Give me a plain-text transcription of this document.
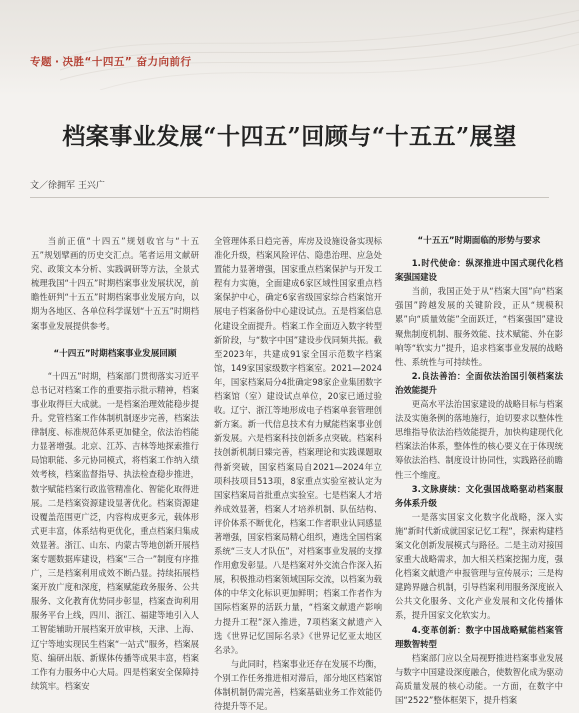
专题 · 决胜“十四五” 奋力向前行
档案事业发展“十四五”回顾与“十五五”展望
文／徐拥军 王兴广

当前正值“十四五”规划收官与“十五五”规划擘画的历史交汇点。笔者运用文献研究、政策文本分析、实践调研等方法，全景式梳理我国“十四五”时期档案事业发展状况，前瞻性研判“十五五”时期档案事业发展方向，以期为各地区、各单位科学谋划“十五五”时期档案事业发展提供参考。

“十四五”时期档案事业发展回顾

“十四五”时期，档案部门贯彻落实习近平总书记对档案工作的重要指示批示精神，档案事业取得巨大成就。一是档案治理效能稳步提升。党管档案工作体制机制逐步完善，档案法律制度、标准规范体系更加健全，依法治档能力显著增强。北京、江苏、吉林等地探索推行局馆职能、多元协同模式，将档案工作纳入绩效考核，档案监督指导、执法检查稳步推进，数字赋能档案行政监管精准化、智能化取得进展。二是档案资源建设显著优化。档案资源建设覆盖范围更广泛，内容构成更多元，载体形式更丰富，体系结构更优化，重点档案归集成效显著。浙江、山东、内蒙古等地创新开展档案专题数据库建设，档案“三合一”制度有序推广，三是档案利用成效不断凸显。持续拓展档案开放广度和深度，档案赋能政务服务、公共服务、文化教育优势同步彰显，档案查询利用服务平台上线，四川、浙江、福建等地引入人工智能辅助开展档案开放审核，天津、上海、辽宁等地实现民生档案“一站式”服务，档案展览、编研出版、新媒体传播等成果丰富，档案工作有力服务中心大局。四是档案安全保障持续筑牢。档案安

全管理体系日趋完善，库房及设施设备实现标准化升级，档案风险评估、隐患治理、应急处置能力显著增强，国家重点档案保护与开发工程有力实施，全面建成6家区域性国家重点档案保护中心，确定6家省级国家综合档案馆开展电子档案备份中心建设试点。五是档案信息化建设全面提升。档案工作全面迈入数字转型新阶段，与“数字中国”建设步伐同频共振。截至2023年，共建成91家全国示范数字档案馆，149家国家级数字档案室。2021—2024年，国家档案局分4批确定98家企业集团数字档案馆（室）建设试点单位，20家已通过验收。辽宁、浙江等地形成电子档案单套管理创新方案。新一代信息技术有力赋能档案事业创新发展。六是档案科技创新多点突破。档案科技创新机制日臻完善，档案理论和实践课题取得新突破，国家档案局自2021—2024年立项科技项目513项，8家重点实验室被认定为国家档案局首批重点实验室。七是档案人才培养成效显著，档案人才培养机制、队伍结构、评价体系不断优化，档案工作者职业认同感显著增强，国家档案局精心组织，遴选全国档案系统“三支人才队伍”，对档案事业发展的支撑作用愈发彰显。八是档案对外交流合作深入拓展，积极推动档案领域国际交流，以档案为载体的中华文化标识更加鲜明；档案工作者作为国际档案界的活跃力量，“档案文献遗产影响力提升工程”深入推进，7项档案文献遗产入选《世界记忆国际名录》《世界记忆亚太地区名录》。

与此同时，档案事业还存在发展不均衡，个别工作任务推进相对滞后，部分地区档案馆体制机制仍需完善，档案基础业务工作效能仍待提升等不足。

“十五五”时期面临的形势与要求

1.时代使命：纵深推进中国式现代化档案强国建设

当前，我国正处于从“档案大国”向“档案强国”跨越发展的关键阶段，正从“规模积累”向“质量效能”全面跃迁，“档案强国”建设聚焦制度机制、服务效能、技术赋能、外在影响等“软实力”提升，追求档案事业发展的战略性、系统性与可持续性。

2.良法善治：全面依法治国引领档案法治效能提升

更高水平法治国家建设的战略目标与档案法及实施条例的落地施行，迫切要求以整体性思维指导依法治档效能提升，加快构建现代化档案法治体系，整体性的核心要义在于体现统筹依法治档、制度设计协同性，实践路径前瞻性三个维度。

3.文脉赓续：文化强国战略驱动档案服务体系升级

一是落实国家文化数字化战略，深入实施“新时代新成就国家记忆工程”，探索构建档案文化创新发展模式与路径。二是主动对接国家重大战略需求，加大相关档案挖掘力度，强化档案文献遗产申报管理与宣传展示；三是构建跨界融合机制，引导档案利用服务深度嵌入公共文化服务、文化产业发展和文化传播体系，提升国家文化软实力。

4.变革创新：数字中国战略赋能档案管理数智转型

档案部门应以全局视野推进档案事业发展与数字中国建设深度融合，使数智化成为驱动高质量发展的核心动能。一方面，在数字中国“2522”整体框架下，提升档案
